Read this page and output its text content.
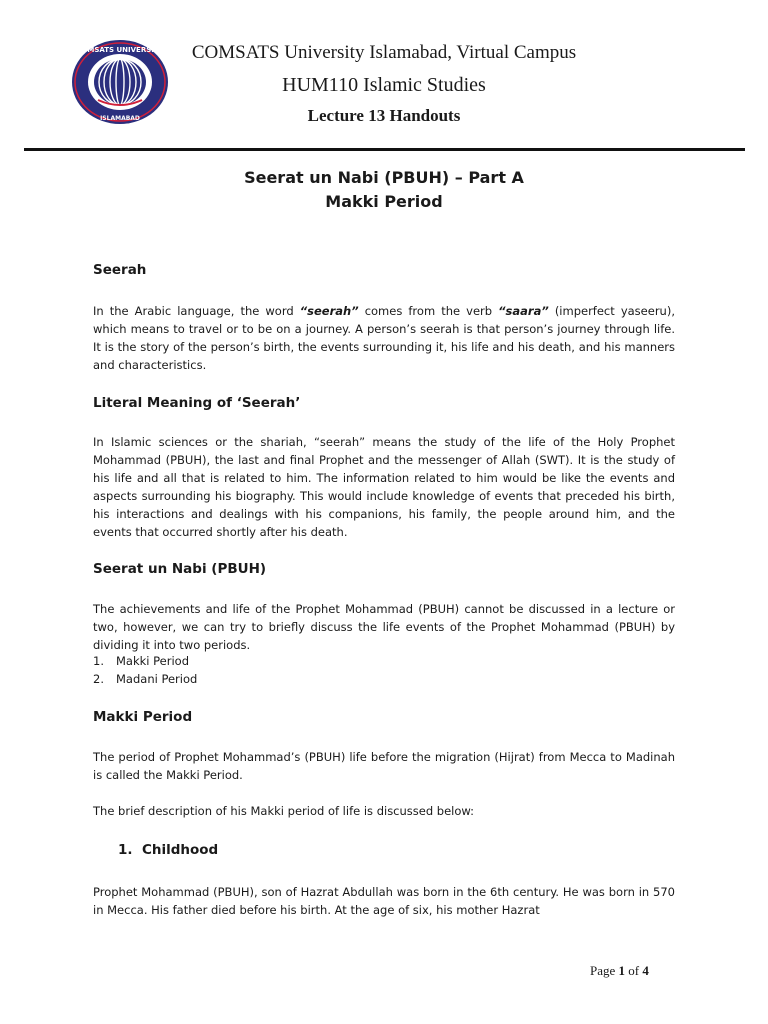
COMSATS UNIVERSITY
ISLAMABAD
COMSATS University Islamabad, Virtual Campus
HUM110 Islamic Studies
Lecture 13 Handouts
Seerat un Nabi (PBUH) – Part A
Makki Period
Seerah
In the Arabic language, the word “seerah” comes from the verb “saara” (imperfect yaseeru), which means to travel or to be on a journey. A person’s seerah is that person’s journey through life. It is the story of the person’s birth, the events surrounding it, his life and his death, and his manners and characteristics.
Literal Meaning of ‘Seerah’
In Islamic sciences or the shariah, “seerah” means the study of the life of the Holy Prophet Mohammad (PBUH), the last and final Prophet and the messenger of Allah (SWT). It is the study of his life and all that is related to him. The information related to him would be like the events and aspects surrounding his biography. This would include knowledge of events that preceded his birth, his interactions and dealings with his companions, his family, the people around him, and the events that occurred shortly after his death.
Seerat un Nabi (PBUH)
The achievements and life of the Prophet Mohammad (PBUH) cannot be discussed in a lecture or two, however, we can try to briefly discuss the life events of the Prophet Mohammad (PBUH) by dividing it into two periods.
1. Makki Period
2. Madani Period
Makki Period
The period of Prophet Mohammad’s (PBUH) life before the migration (Hijrat) from Mecca to Madinah is called the Makki Period.
The brief description of his Makki period of life is discussed below:
1. Childhood
Prophet Mohammad (PBUH), son of Hazrat Abdullah was born in the 6th century. He was born in 570 in Mecca. His father died before his birth. At the age of six, his mother Hazrat
Page 1 of 4
